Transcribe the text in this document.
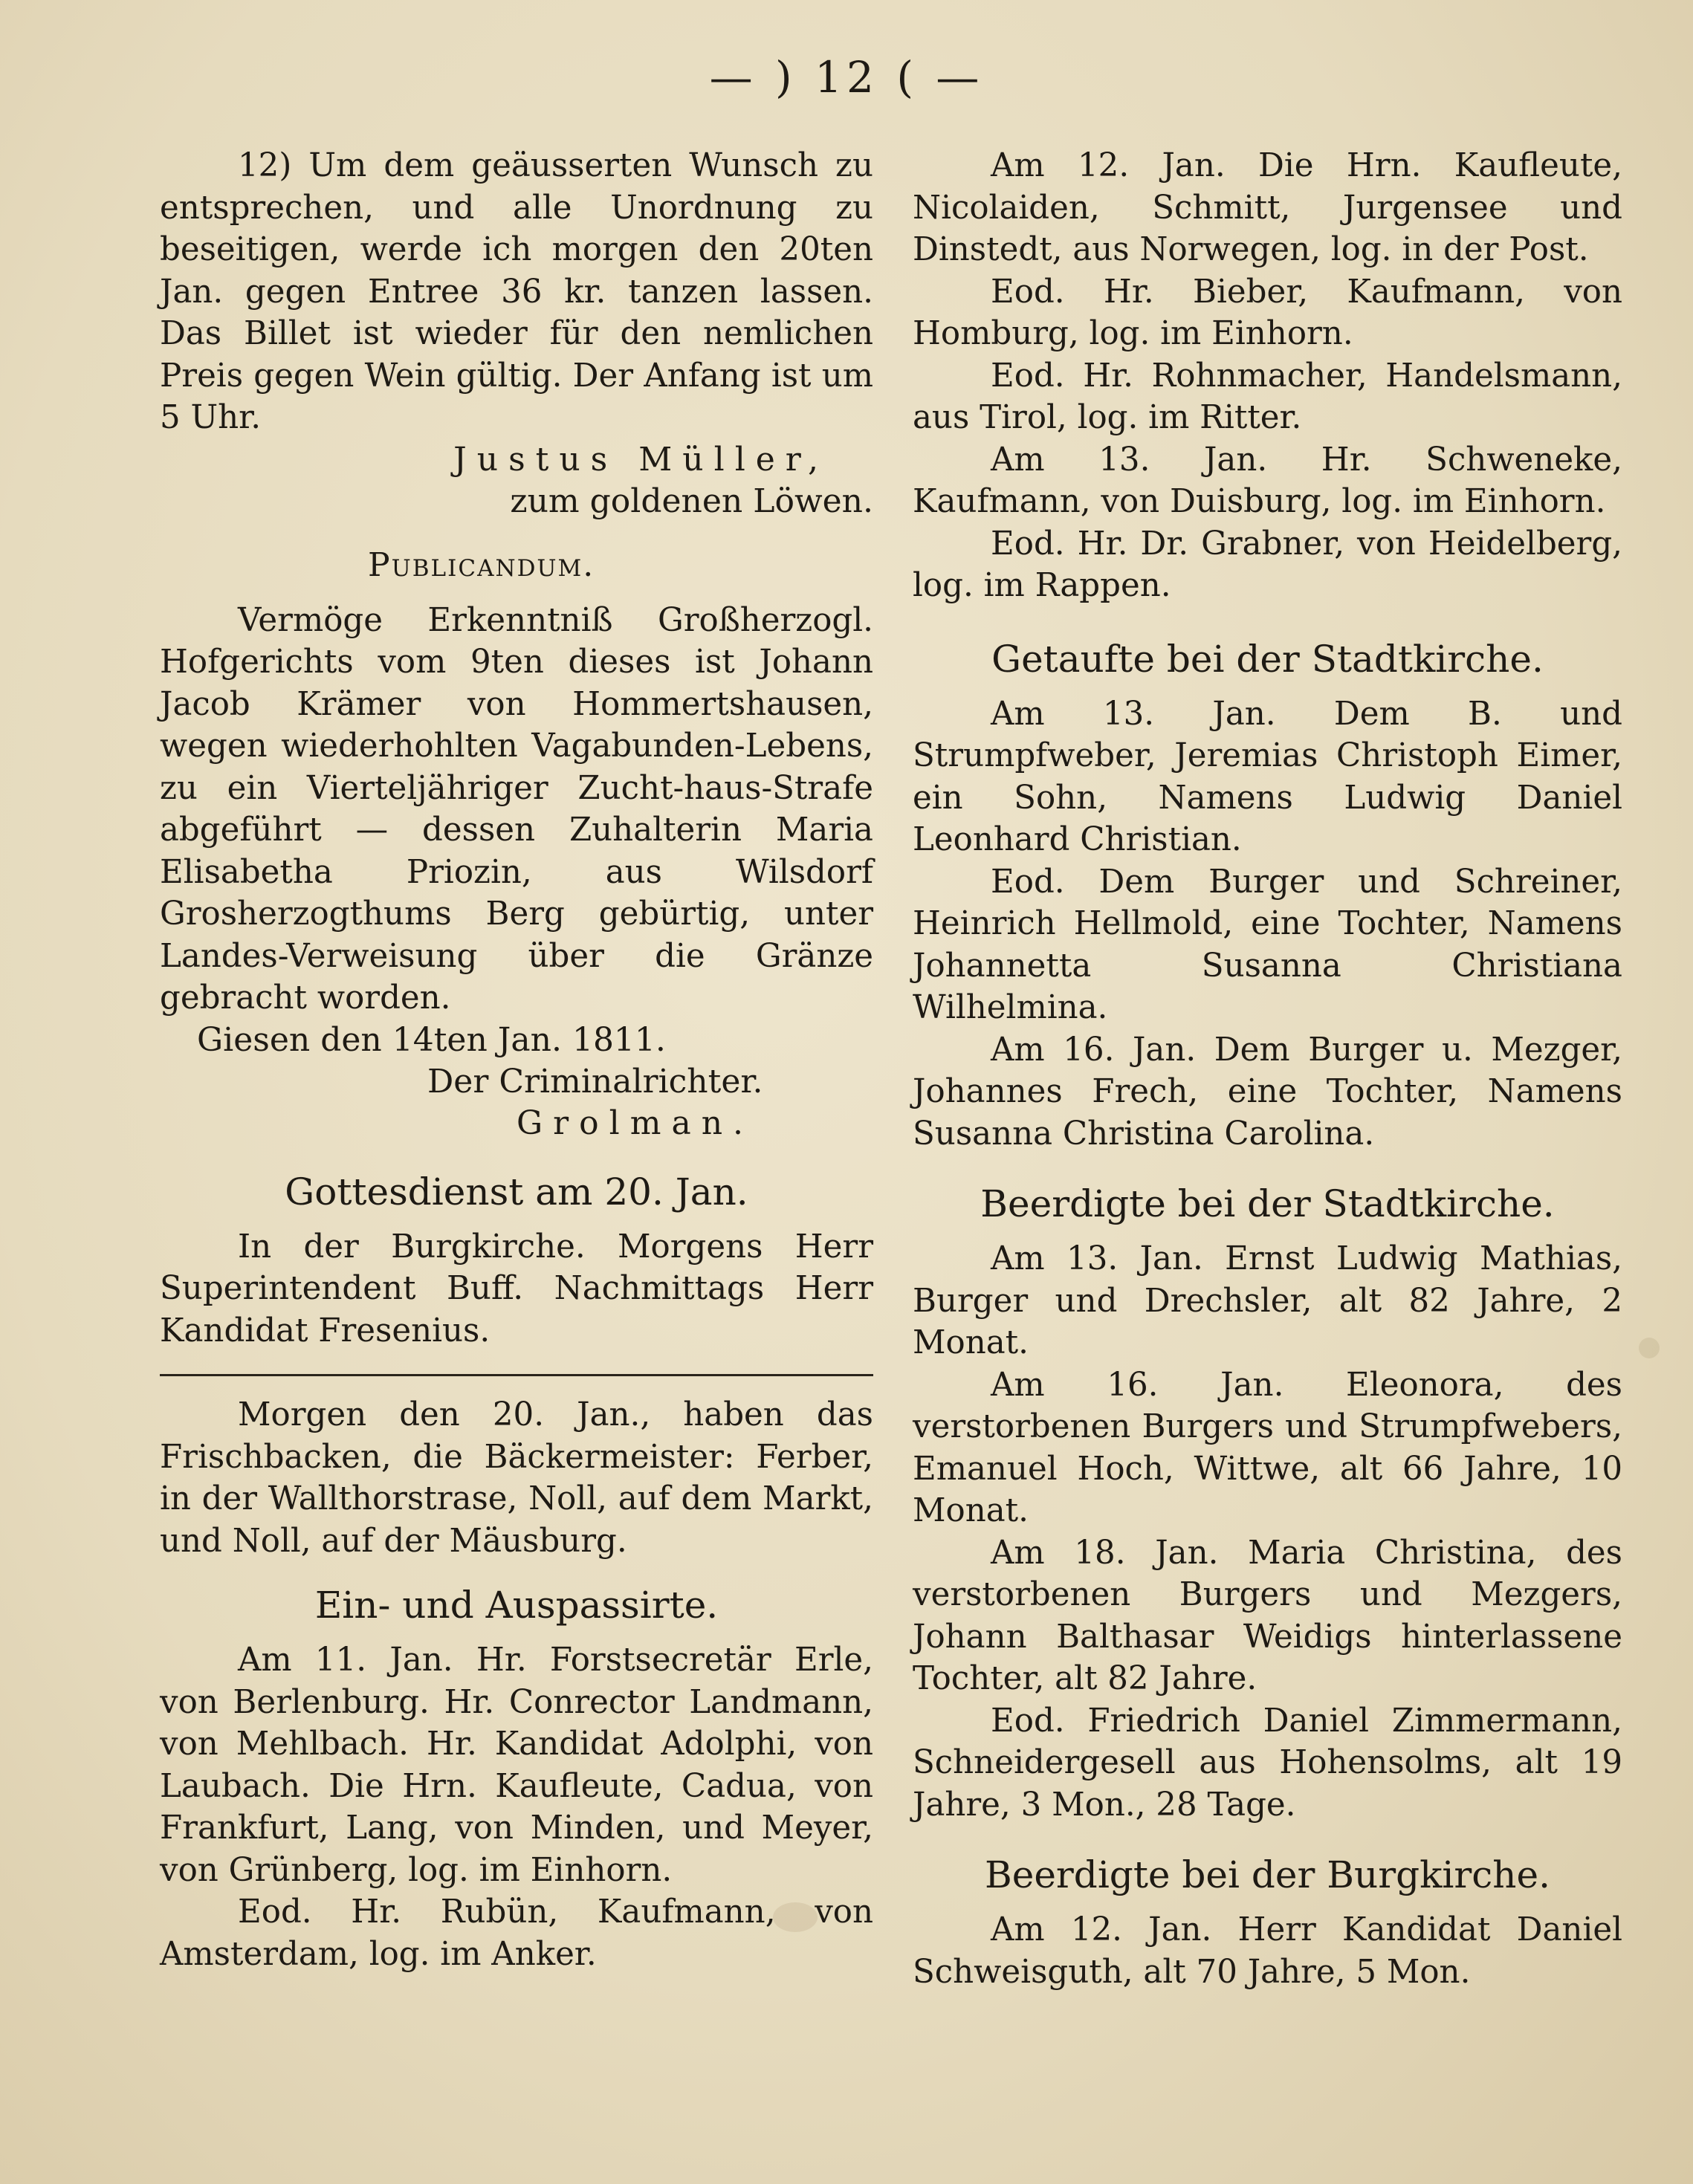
— ) 12 ( —

12) Um dem geäusserten Wunsch zu entsprechen, und alle Unordnung zu beseitigen, werde ich morgen den 20ten Jan. gegen Entree 36 kr. tanzen lassen. Das Billet ist wieder für den nemlichen Preis gegen Wein gültig. Der Anfang ist um 5 Uhr.

Justus Müller,

zum goldenen Löwen.

Publicandum.

Vermöge Erkenntniß Großherzogl. Hofgerichts vom 9ten dieses ist Johann Jacob Krämer von Hommertshausen, wegen wiederhohlten Vagabunden-Lebens, zu ein Vierteljähriger Zucht-haus-Strafe abgeführt — dessen Zuhalterin Maria Elisabetha Priozin, aus Wilsdorf Grosherzogthums Berg gebürtig, unter Landes-Verweisung über die Gränze gebracht worden.

Giesen den 14ten Jan. 1811.

Der Criminalrichter.

Grolman.

Gottesdienst am 20. Jan.

In der Burgkirche. Morgens Herr Superintendent Buff. Nachmittags Herr Kandidat Fresenius.

Morgen den 20. Jan., haben das Frischbacken, die Bäckermeister: Ferber, in der Wallthorstrase, Noll, auf dem Markt, und Noll, auf der Mäusburg.

Ein- und Auspassirte.

Am 11. Jan. Hr. Forstsecretär Erle, von Berlenburg. Hr. Conrector Landmann, von Mehlbach. Hr. Kandidat Adolphi, von Laubach. Die Hrn. Kaufleute, Cadua, von Frankfurt, Lang, von Minden, und Meyer, von Grünberg, log. im Einhorn.

Eod. Hr. Rubün, Kaufmann, von Amsterdam, log. im Anker.

Am 12. Jan. Die Hrn. Kaufleute, Nicolaiden, Schmitt, Jurgensee und Dinstedt, aus Norwegen, log. in der Post.

Eod. Hr. Bieber, Kaufmann, von Homburg, log. im Einhorn.

Eod. Hr. Rohnmacher, Handelsmann, aus Tirol, log. im Ritter.

Am 13. Jan. Hr. Schweneke, Kaufmann, von Duisburg, log. im Einhorn.

Eod. Hr. Dr. Grabner, von Heidelberg, log. im Rappen.

Getaufte bei der Stadtkirche.

Am 13. Jan. Dem B. und Strumpfweber, Jeremias Christoph Eimer, ein Sohn, Namens Ludwig Daniel Leonhard Christian.

Eod. Dem Burger und Schreiner, Heinrich Hellmold, eine Tochter, Namens Johannetta Susanna Christiana Wilhelmina.

Am 16. Jan. Dem Burger u. Mezger, Johannes Frech, eine Tochter, Namens Susanna Christina Carolina.

Beerdigte bei der Stadtkirche.

Am 13. Jan. Ernst Ludwig Mathias, Burger und Drechsler, alt 82 Jahre, 2 Monat.

Am 16. Jan. Eleonora, des verstorbenen Burgers und Strumpfwebers, Emanuel Hoch, Wittwe, alt 66 Jahre, 10 Monat.

Am 18. Jan. Maria Christina, des verstorbenen Burgers und Mezgers, Johann Balthasar Weidigs hinterlassene Tochter, alt 82 Jahre.

Eod. Friedrich Daniel Zimmermann, Schneidergesell aus Hohensolms, alt 19 Jahre, 3 Mon., 28 Tage.

Beerdigte bei der Burgkirche.

Am 12. Jan. Herr Kandidat Daniel Schweisguth, alt 70 Jahre, 5 Mon.
